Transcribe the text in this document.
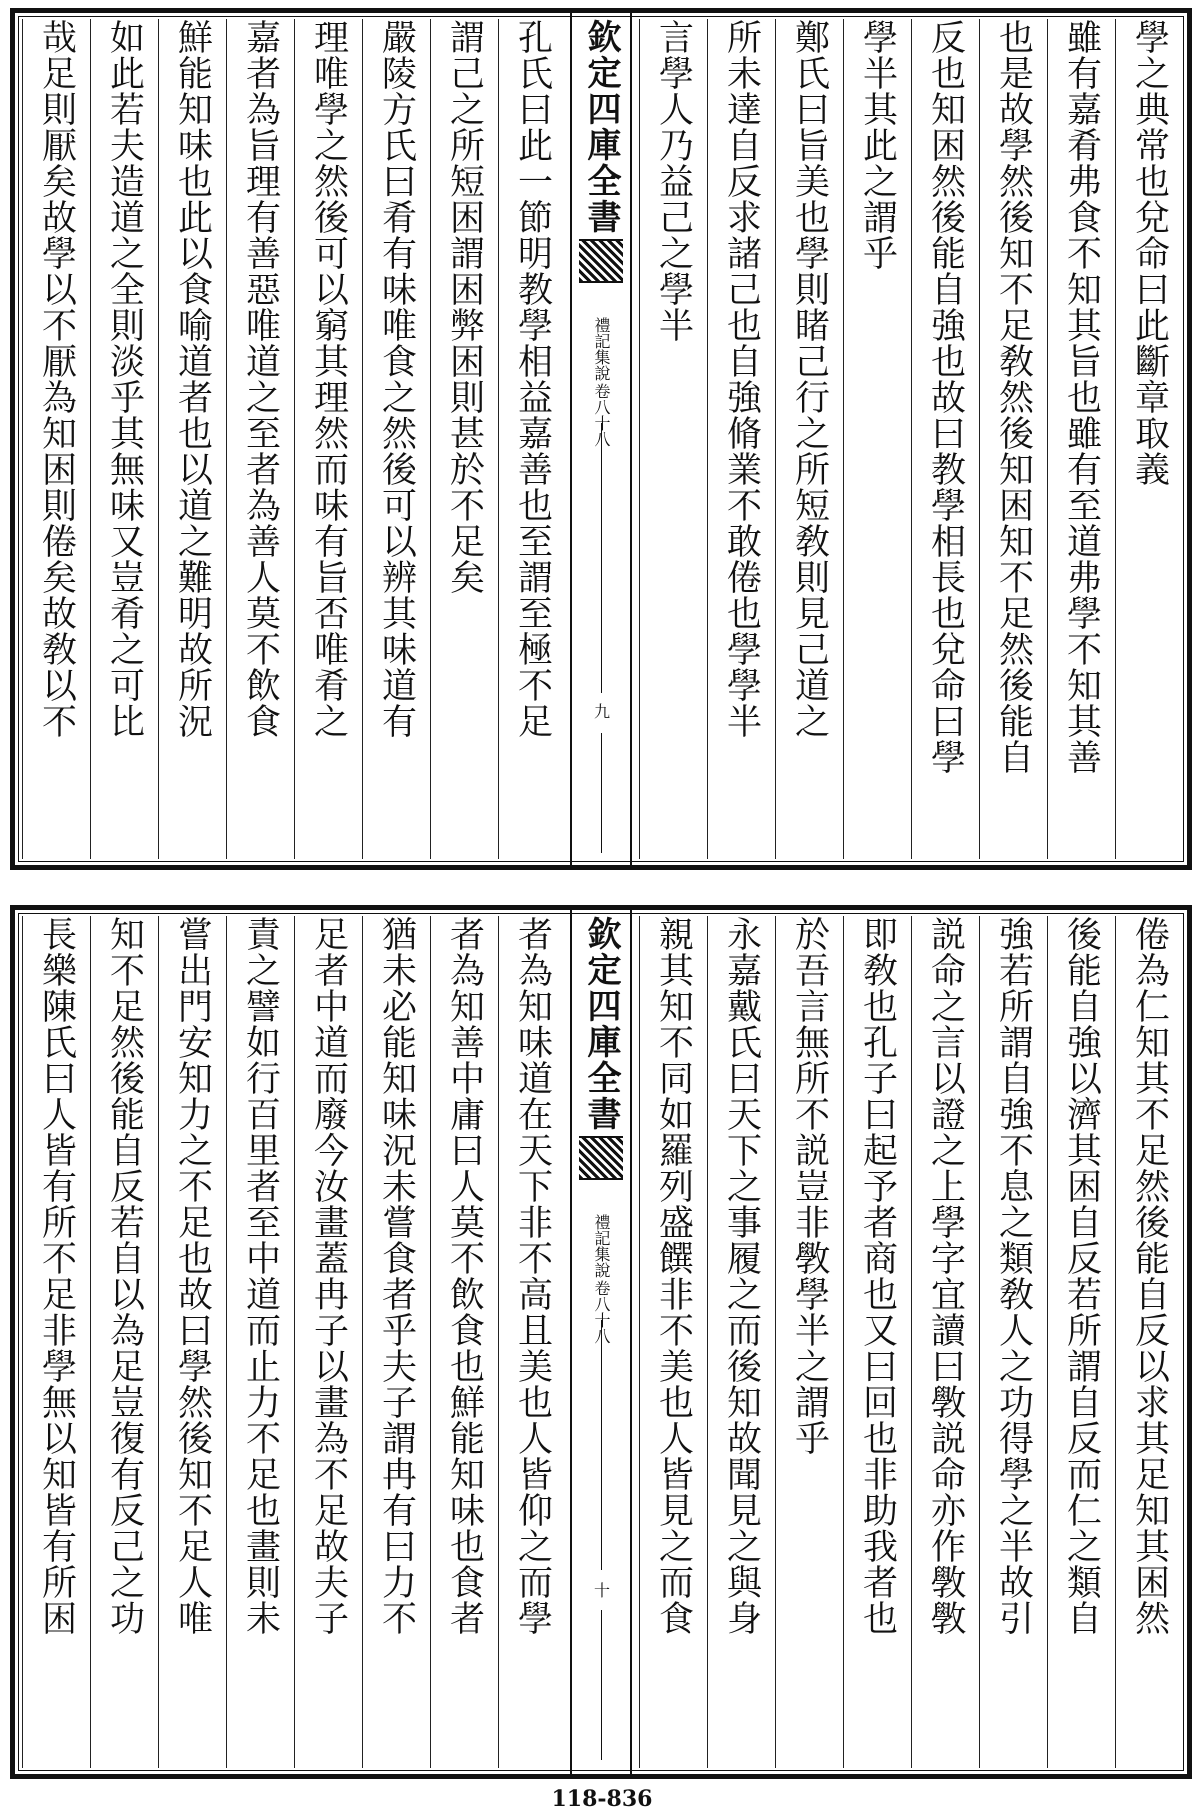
學之典常也兌命曰此斷章取義
雖有嘉肴弗食不知其旨也雖有至道弗學不知其善
也是故學然後知不足敎然後知困知不足然後能自
反也知困然後能自強也故曰教學相長也兌命曰學
學半其此之謂乎
鄭氏曰旨美也學則睹己行之所短敎則見己道之
所未達自反求諸己也自強脩業不敢倦也學學半
言學人乃益己之學半
欽定四庫全書
禮記集說
卷八十八
九
孔氏曰此一節明教學相益嘉善也至謂至極不足
謂己之所短困謂困弊困則甚於不足矣
嚴陵方氏曰肴有味唯食之然後可以辨其味道有
理唯學之然後可以窮其理然而味有旨否唯肴之
嘉者為旨理有善惡唯道之至者為善人莫不飲食
鮮能知味也此以食喻道者也以道之難明故所況
如此若夫造道之全則淡乎其無味又豈肴之可比
哉足則厭矣故學以不厭為知困則倦矣故敎以不
倦為仁知其不足然後能自反以求其足知其困然
後能自強以濟其困自反若所謂自反而仁之類自
強若所謂自強不息之類敎人之功得學之半故引
説命之言以證之上學字宜讀曰斆説命亦作斆斆
即敎也孔子曰起予者商也又曰回也非助我者也
於吾言無所不説豈非斆學半之謂乎
永嘉戴氏曰天下之事履之而後知故聞見之與身
親其知不同如羅列盛饌非不美也人皆見之而食
欽定四庫全書
禮記集說
卷八十八
十
者為知味道在天下非不高且美也人皆仰之而學
者為知善中庸曰人莫不飲食也鮮能知味也食者
猶未必能知味況未嘗食者乎夫子謂冉有曰力不
足者中道而廢今汝畫蓋冉子以畫為不足故夫子
責之譬如行百里者至中道而止力不足也畫則未
嘗出門安知力之不足也故曰學然後知不足人唯
知不足然後能自反若自以為足豈復有反己之功
長樂陳氏曰人皆有所不足非學無以知皆有所困
118-836
